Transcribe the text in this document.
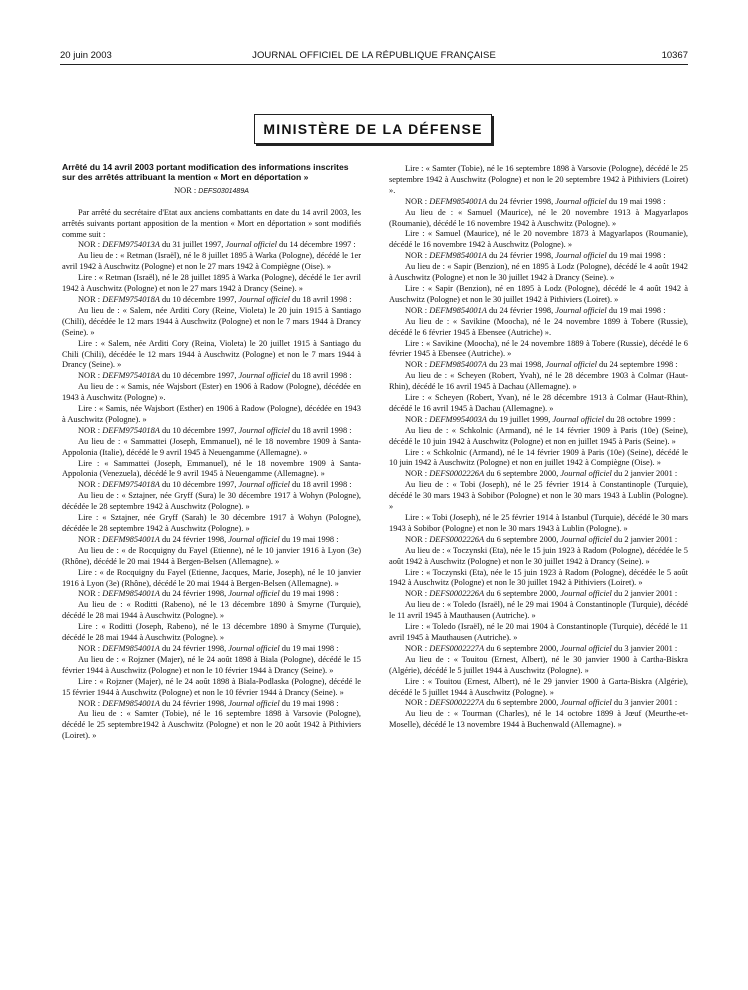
20 juin 2003	JOURNAL OFFICIEL DE LA RÉPUBLIQUE FRANÇAISE	10367
MINISTÈRE DE LA DÉFENSE

Arrêté du 14 avril 2003 portant modification des informations inscrites sur des arrêtés attribuant la mention « Mort en déportation »

NOR : DEFS0301489A

Par arrêté du secrétaire d'Etat aux anciens combattants en date du 14 avril 2003, les arrêtés suivants portant apposition de la mention « Mort en déportation » sont modifiés comme suit :

NOR : DEFM9754013A du 31 juillet 1997, Journal officiel du 14 décembre 1997 :

Au lieu de : « Retman (Israël), né le 8 juillet 1895 à Warka (Pologne), décédé le 1er avril 1942 à Auschwitz (Pologne) et non le 27 mars 1942 à Compiègne (Oise). »

Lire : « Retman (Israël), né le 28 juillet 1895 à Warka (Pologne), décédé le 1er avril 1942 à Auschwitz (Pologne) et non le 27 mars 1942 à Drancy (Seine). »

NOR : DEFM9754018A du 10 décembre 1997, Journal officiel du 18 avril 1998 :

Au lieu de : « Salem, née Arditi Cory (Reine, Violeta) le 20 juin 1915 à Santiago (Chili), décédée le 12 mars 1944 à Auschwitz (Pologne) et non le 7 mars 1944 à Drancy (Seine). »

Lire : « Salem, née Arditi Cory (Reina, Violeta) le 20 juillet 1915 à Santiago du Chili (Chili), décédée le 12 mars 1944 à Auschwitz (Pologne) et non le 7 mars 1944 à Drancy (Seine). »

NOR : DEFM9754018A du 10 décembre 1997, Journal officiel du 18 avril 1998 :

Au lieu de : « Samis, née Wajsbort (Ester) en 1906 à Radow (Pologne), décédée en 1943 à Auschwitz (Pologne) ».

Lire : « Samis, née Wajsbort (Esther) en 1906 à Radow (Pologne), décédée en 1943 à Auschwitz (Pologne). »

NOR : DEFM9754018A du 10 décembre 1997, Journal officiel du 18 avril 1998 :

Au lieu de : « Sammattei (Joseph, Emmanuel), né le 18 novembre 1909 à Santa-Appolonia (Italie), décédé le 9 avril 1945 à Neuengamme (Allemagne). »

Lire : « Sammattei (Joseph, Emmanuel), né le 18 novembre 1909 à Santa-Appolonia (Venezuela), décédé le 9 avril 1945 à Neuengamme (Allemagne). »

NOR : DEFM9754018A du 10 décembre 1997, Journal officiel du 18 avril 1998 :

Au lieu de : « Sztajner, née Gryff (Sura) le 30 décembre 1917 à Wohyn (Pologne), décédée le 28 septembre 1942 à Auschwitz (Pologne). »

Lire : « Sztajner, née Gryff (Sarah) le 30 décembre 1917 à Wohyn (Pologne), décédée le 28 septembre 1942 à Auschwitz (Pologne). »

NOR : DEFM9854001A du 24 février 1998, Journal officiel du 19 mai 1998 :

Au lieu de : « de Rocquigny du Fayel (Etienne), né le 10 janvier 1916 à Lyon (3e) (Rhône), décédé le 20 mai 1944 à Bergen-Belsen (Allemagne). »

Lire : « de Rocquigny du Fayel (Etienne, Jacques, Marie, Joseph), né le 10 janvier 1916 à Lyon (3e) (Rhône), décédé le 20 mai 1944 à Bergen-Belsen (Allemagne). »

NOR : DEFM9854001A du 24 février 1998, Journal officiel du 19 mai 1998 :

Au lieu de : « Roditti (Rabeno), né le 13 décembre 1890 à Smyrne (Turquie), décédé le 28 mai 1944 à Auschwitz (Pologne). »

Lire : « Roditti (Joseph, Rabeno), né le 13 décembre 1890 à Smyrne (Turquie), décédé le 28 mai 1944 à Auschwitz (Pologne). »

NOR : DEFM9854001A du 24 février 1998, Journal officiel du 19 mai 1998 :

Au lieu de : « Rojzner (Majer), né le 24 août 1898 à Biala (Pologne), décédé le 15 février 1944 à Auschwitz (Pologne) et non le 10 février 1944 à Drancy (Seine). »

Lire : « Rojzner (Majer), né le 24 août 1898 à Biala-Podlaska (Pologne), décédé le 15 février 1944 à Auschwitz (Pologne) et non le 10 février 1944 à Drancy (Seine). »

NOR : DEFM9854001A du 24 février 1998, Journal officiel du 19 mai 1998 :

Au lieu de : « Samter (Tobie), né le 16 septembre 1898 à Varsovie (Pologne), décédé le 25 septembre1942 à Auschwitz (Pologne) et non le 20 août 1942 à Pithiviers (Loiret). »

Lire : « Samter (Tobie), né le 16 septembre 1898 à Varsovie (Pologne), décédé le 25 septembre 1942 à Auschwitz (Pologne) et non le 20 septembre 1942 à Pithiviers (Loiret) ».

NOR : DEFM9854001A du 24 février 1998, Journal officiel du 19 mai 1998 :

Au lieu de : « Samuel (Maurice), né le 20 novembre 1913 à Magyarlapos (Roumanie), décédé le 16 novembre 1942 à Auschwitz (Pologne). »

Lire : « Samuel (Maurice), né le 20 novembre 1873 à Magyarlapos (Roumanie), décédé le 16 novembre 1942 à Auschwitz (Pologne). »

NOR : DEFM9854001A du 24 février 1998, Journal officiel du 19 mai 1998 :

Au lieu de : « Sapir (Benzion), né en 1895 à Lodz (Pologne), décédé le 4 août 1942 à Auschwitz (Pologne) et non le 30 juillet 1942 à Drancy (Seine). »

Lire : « Sapir (Benzion), né en 1895 à Lodz (Pologne), décédé le 4 août 1942 à Auschwitz (Pologne) et non le 30 juillet 1942 à Pithiviers (Loiret). »

NOR : DEFM9854001A du 24 février 1998, Journal officiel du 19 mai 1998 :

Au lieu de : « Savikine (Moocha), né le 24 novembre 1899 à Tobere (Russie), décédé le 6 février 1945 à Ebensee (Autriche) ».

Lire : « Savikine (Moocha), né le 24 novembre 1889 à Tobere (Russie), décédé le 6 février 1945 à Ebensee (Autriche). »

NOR : DEFM9854007A du 23 mai 1998, Journal officiel du 24 septembre 1998 :

Au lieu de : « Scheyen (Robert, Yvah), né le 28 décembre 1903 à Colmar (Haut-Rhin), décédé le 16 avril 1945 à Dachau (Allemagne). »

Lire : « Scheyen (Robert, Yvan), né le 28 décembre 1913 à Colmar (Haut-Rhin), décédé le 16 avril 1945 à Dachau (Allemagne). »

NOR : DEFM9954003A du 19 juillet 1999, Journal officiel du 28 octobre 1999 :

Au lieu de : « Schkolnic (Armand), né le 14 février 1909 à Paris (10e) (Seine), décédé le 10 juin 1942 à Auschwitz (Pologne) et non en juillet 1945 à Paris (Seine). »

Lire : « Schkolnic (Armand), né le 14 février 1909 à Paris (10e) (Seine), décédé le 10 juin 1942 à Auschwitz (Pologne) et non en juillet 1942 à Compiègne (Oise). »

NOR : DEFS0002226A du 6 septembre 2000, Journal officiel du 2 janvier 2001 :

Au lieu de : « Tobi (Joseph), né le 25 février 1914 à Constantinople (Turquie), décédé le 30 mars 1943 à Sobibor (Pologne) et non le 30 mars 1943 à Lublin (Pologne). »

Lire : « Tobi (Joseph), né le 25 février 1914 à Istanbul (Turquie), décédé le 30 mars 1943 à Sobibor (Pologne) et non le 30 mars 1943 à Lublin (Pologne). »

NOR : DEFS0002226A du 6 septembre 2000, Journal officiel du 2 janvier 2001 :

Au lieu de : « Toczynski (Eta), née le 15 juin 1923 à Radom (Pologne), décédée le 5 août 1942 à Auschwitz (Pologne) et non le 30 juillet 1942 à Drancy (Seine). »

Lire : « Toczynski (Eta), née le 15 juin 1923 à Radom (Pologne), décédée le 5 août 1942 à Auschwitz (Pologne) et non le 30 juillet 1942 à Pithiviers (Loiret). »

NOR : DEFS0002226A du 6 septembre 2000, Journal officiel du 2 janvier 2001 :

Au lieu de : « Toledo (Israël), né le 29 mai 1904 à Constantinople (Turquie), décédé le 11 avril 1945 à Mauthausen (Autriche). »

Lire : « Toledo (Israël), né le 20 mai 1904 à Constantinople (Turquie), décédé le 11 avril 1945 à Mauthausen (Autriche). »

NOR : DEFS0002227A du 6 septembre 2000, Journal officiel du 3 janvier 2001 :

Au lieu de : « Touitou (Ernest, Albert), né le 30 janvier 1900 à Cartha-Biskra (Algérie), décédé le 5 juillet 1944 à Auschwitz (Pologne). »

Lire : « Touitou (Ernest, Albert), né le 29 janvier 1900 à Garta-Biskra (Algérie), décédé le 5 juillet 1944 à Auschwitz (Pologne). »

NOR : DEFS0002227A du 6 septembre 2000, Journal officiel du 3 janvier 2001 :

Au lieu de : « Tourman (Charles), né le 14 octobre 1899 à Jœuf (Meurthe-et-Moselle), décédé le 13 novembre 1944 à Buchenwald (Allemagne). »
